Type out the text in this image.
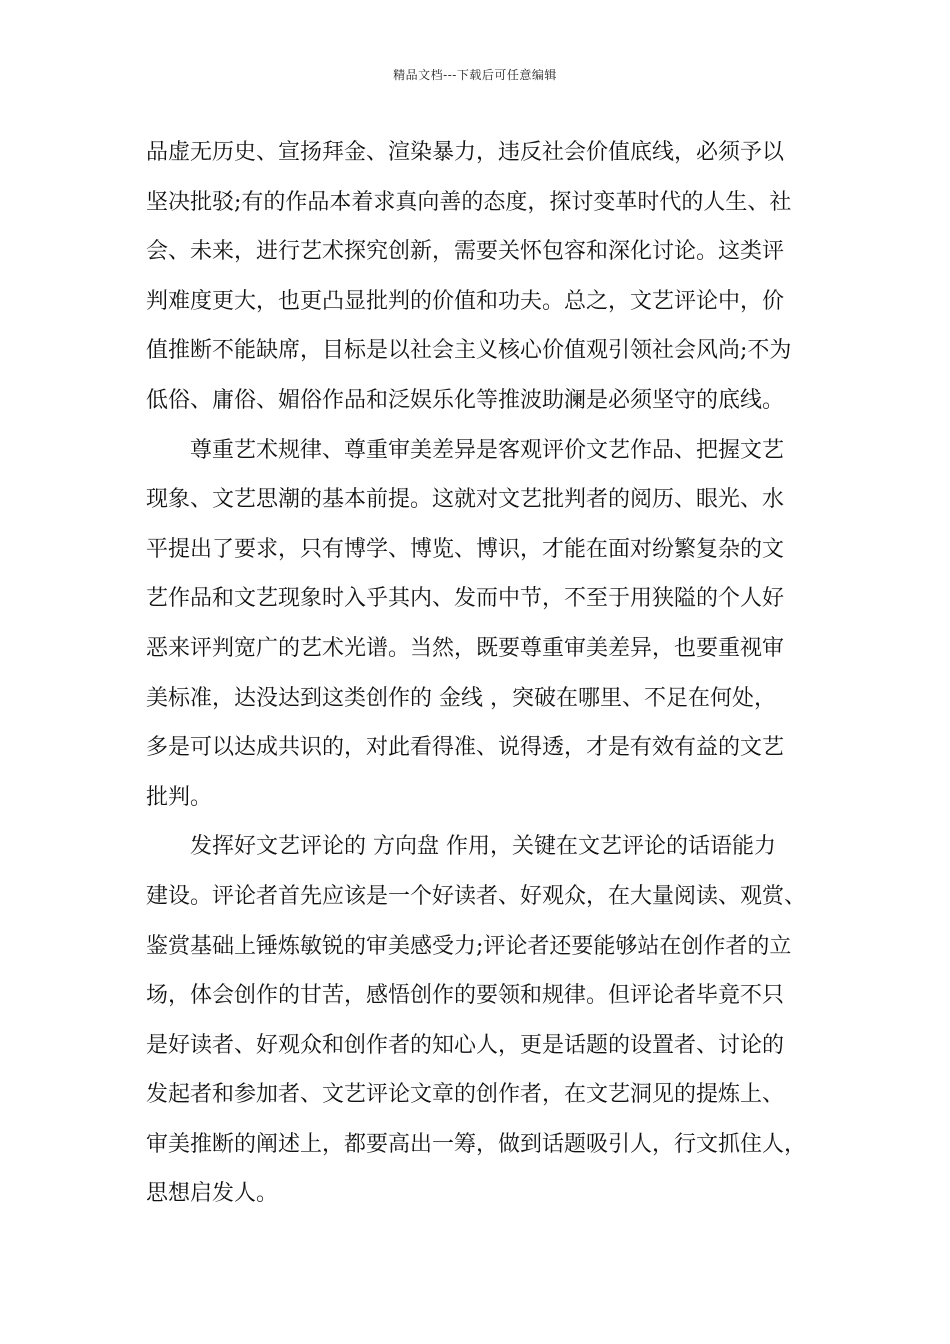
精品文档---下载后可任意编辑
品虚无历史、宣扬拜金、渲染暴力，违反社会价值底线，必须予以
坚决批驳;有的作品本着求真向善的态度，探讨变革时代的人生、社
会、未来，进行艺术探究创新，需要关怀包容和深化讨论。这类评
判难度更大，也更凸显批判的价值和功夫。总之，文艺评论中，价
值推断不能缺席，目标是以社会主义核心价值观引领社会风尚;不为
低俗、庸俗、媚俗作品和泛娱乐化等推波助澜是必须坚守的底线。
尊重艺术规律、尊重审美差异是客观评价文艺作品、把握文艺
现象、文艺思潮的基本前提。这就对文艺批判者的阅历、眼光、水
平提出了要求，只有博学、博览、博识，才能在面对纷繁复杂的文
艺作品和文艺现象时入乎其内、发而中节，不至于用狭隘的个人好
恶来评判宽广的艺术光谱。当然，既要尊重审美差异，也要重视审
美标准，达没达到这类创作的 金线 ，突破在哪里、不足在何处，
多是可以达成共识的，对此看得准、说得透，才是有效有益的文艺
批判。
发挥好文艺评论的 方向盘 作用，关键在文艺评论的话语能力
建设。评论者首先应该是一个好读者、好观众，在大量阅读、观赏、
鉴赏基础上锤炼敏锐的审美感受力;评论者还要能够站在创作者的立
场，体会创作的甘苦，感悟创作的要领和规律。但评论者毕竟不只
是好读者、好观众和创作者的知心人，更是话题的设置者、讨论的
发起者和参加者、文艺评论文章的创作者，在文艺洞见的提炼上、
审美推断的阐述上，都要高出一筹，做到话题吸引人，行文抓住人，
思想启发人。
